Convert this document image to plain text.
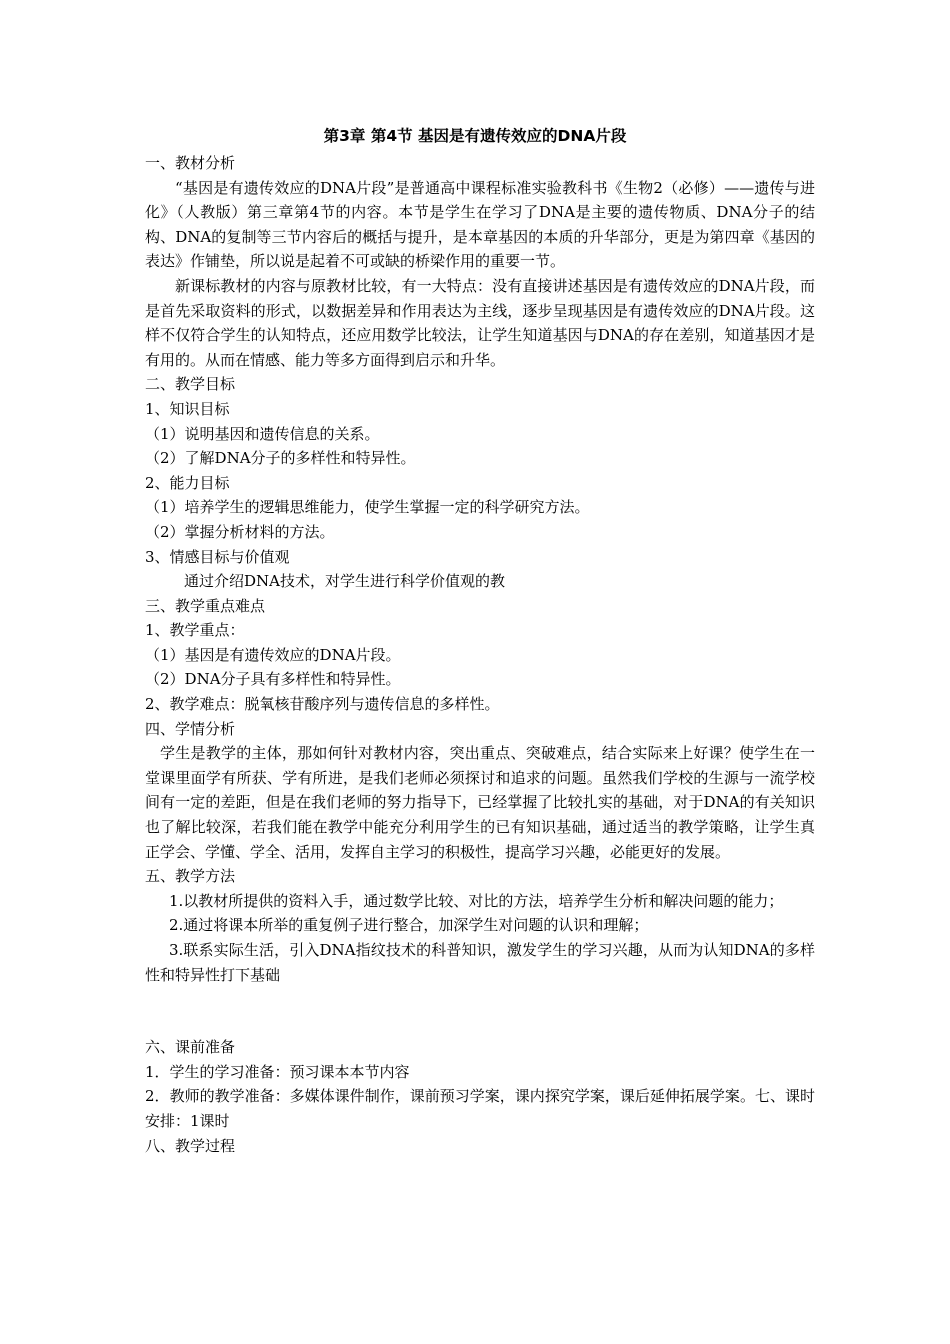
第3章 第4节 基因是有遗传效应的DNA片段

一、教材分析

“基因是有遗传效应的DNA片段”是普通高中课程标准实验教科书《生物2（必修）——遗传与进化》（人教版）第三章第4节的内容。本节是学生在学习了DNA是主要的遗传物质、DNA分子的结构、DNA的复制等三节内容后的概括与提升，是本章基因的本质的升华部分，更是为第四章《基因的表达》作铺垫，所以说是起着不可或缺的桥梁作用的重要一节。

新课标教材的内容与原教材比较，有一大特点：没有直接讲述基因是有遗传效应的DNA片段，而是首先采取资料的形式，以数据差异和作用表达为主线，逐步呈现基因是有遗传效应的DNA片段。这样不仅符合学生的认知特点，还应用数学比较法，让学生知道基因与DNA的存在差别，知道基因才是有用的。从而在情感、能力等多方面得到启示和升华。

二、教学目标

1、知识目标

（1）说明基因和遗传信息的关系。

（2）了解DNA分子的多样性和特异性。

2、能力目标

（1）培养学生的逻辑思维能力，使学生掌握一定的科学研究方法。

（2）掌握分析材料的方法。

3、情感目标与价值观

通过介绍DNA技术，对学生进行科学价值观的教

三、教学重点难点

1、教学重点：

（1）基因是有遗传效应的DNA片段。

（2）DNA分子具有多样性和特异性。

2、教学难点：脱氧核苷酸序列与遗传信息的多样性。

四、学情分析

学生是教学的主体，那如何针对教材内容，突出重点、突破难点，结合实际来上好课？使学生在一堂课里面学有所获、学有所进，是我们老师必须探讨和追求的问题。虽然我们学校的生源与一流学校间有一定的差距，但是在我们老师的努力指导下，已经掌握了比较扎实的基础，对于DNA的有关知识也了解比较深，若我们能在教学中能充分利用学生的已有知识基础，通过适当的教学策略，让学生真正学会、学懂、学全、活用，发挥自主学习的积极性，提高学习兴趣，必能更好的发展。

五、教学方法

1.以教材所提供的资料入手，通过数学比较、对比的方法，培养学生分析和解决问题的能力；

2.通过将课本所举的重复例子进行整合，加深学生对问题的认识和理解；

3.联系实际生活，引入DNA指纹技术的科普知识，激发学生的学习兴趣，从而为认知DNA的多样性和特异性打下基础

六、课前准备

1．学生的学习准备：预习课本本节内容

2．教师的教学准备：多媒体课件制作，课前预习学案，课内探究学案，课后延伸拓展学案。七、课时安排：1课时

八、教学过程
